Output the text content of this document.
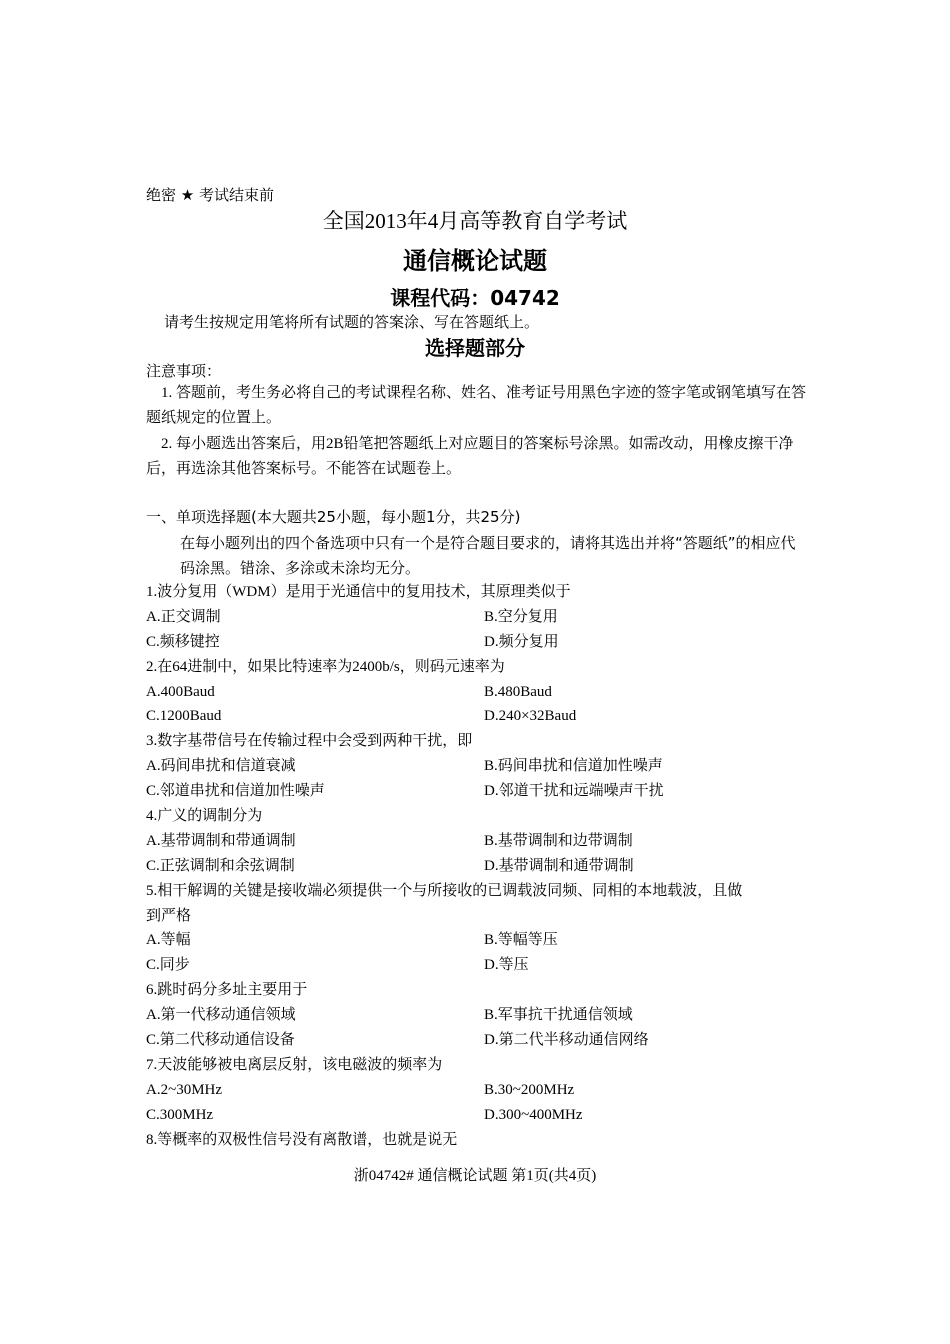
绝密 ★ 考试结束前
全国2013年4月高等教育自学考试
通信概论试题
课程代码：04742
请考生按规定用笔将所有试题的答案涂、写在答题纸上。
选择题部分
注意事项：
1. 答题前，考生务必将自己的考试课程名称、姓名、准考证号用黑色字迹的签字笔或钢笔填写在答题纸规定的位置上。
2. 每小题选出答案后，用2B铅笔把答题纸上对应题目的答案标号涂黑。如需改动，用橡皮擦干净后，再选涂其他答案标号。不能答在试题卷上。
一、单项选择题(本大题共25小题，每小题1分，共25分)
在每小题列出的四个备选项中只有一个是符合题目要求的，请将其选出并将“答题纸”的相应代码涂黑。错涂、多涂或未涂均无分。
1.波分复用（WDM）是用于光通信中的复用技术，其原理类似于
A.正交调制	B.空分复用
C.频移键控	D.频分复用
2.在64进制中，如果比特速率为2400b/s，则码元速率为
A.400Baud	B.480Baud
C.1200Baud	D.240×32Baud
3.数字基带信号在传输过程中会受到两种干扰，即
A.码间串扰和信道衰减	B.码间串扰和信道加性噪声
C.邻道串扰和信道加性噪声	D.邻道干扰和远端噪声干扰
4.广义的调制分为
A.基带调制和带通调制	B.基带调制和边带调制
C.正弦调制和余弦调制	D.基带调制和通带调制
5.相干解调的关键是接收端必须提供一个与所接收的已调载波同频、同相的本地载波，且做
到严格
A.等幅	B.等幅等压
C.同步	D.等压
6.跳时码分多址主要用于
A.第一代移动通信领域	B.军事抗干扰通信领域
C.第二代移动通信设备	D.第二代半移动通信网络
7.天波能够被电离层反射，该电磁波的频率为
A.2~30MHz	B.30~200MHz
C.300MHz	D.300~400MHz
8.等概率的双极性信号没有离散谱，也就是说无
浙04742# 通信概论试题 第1页(共4页)
